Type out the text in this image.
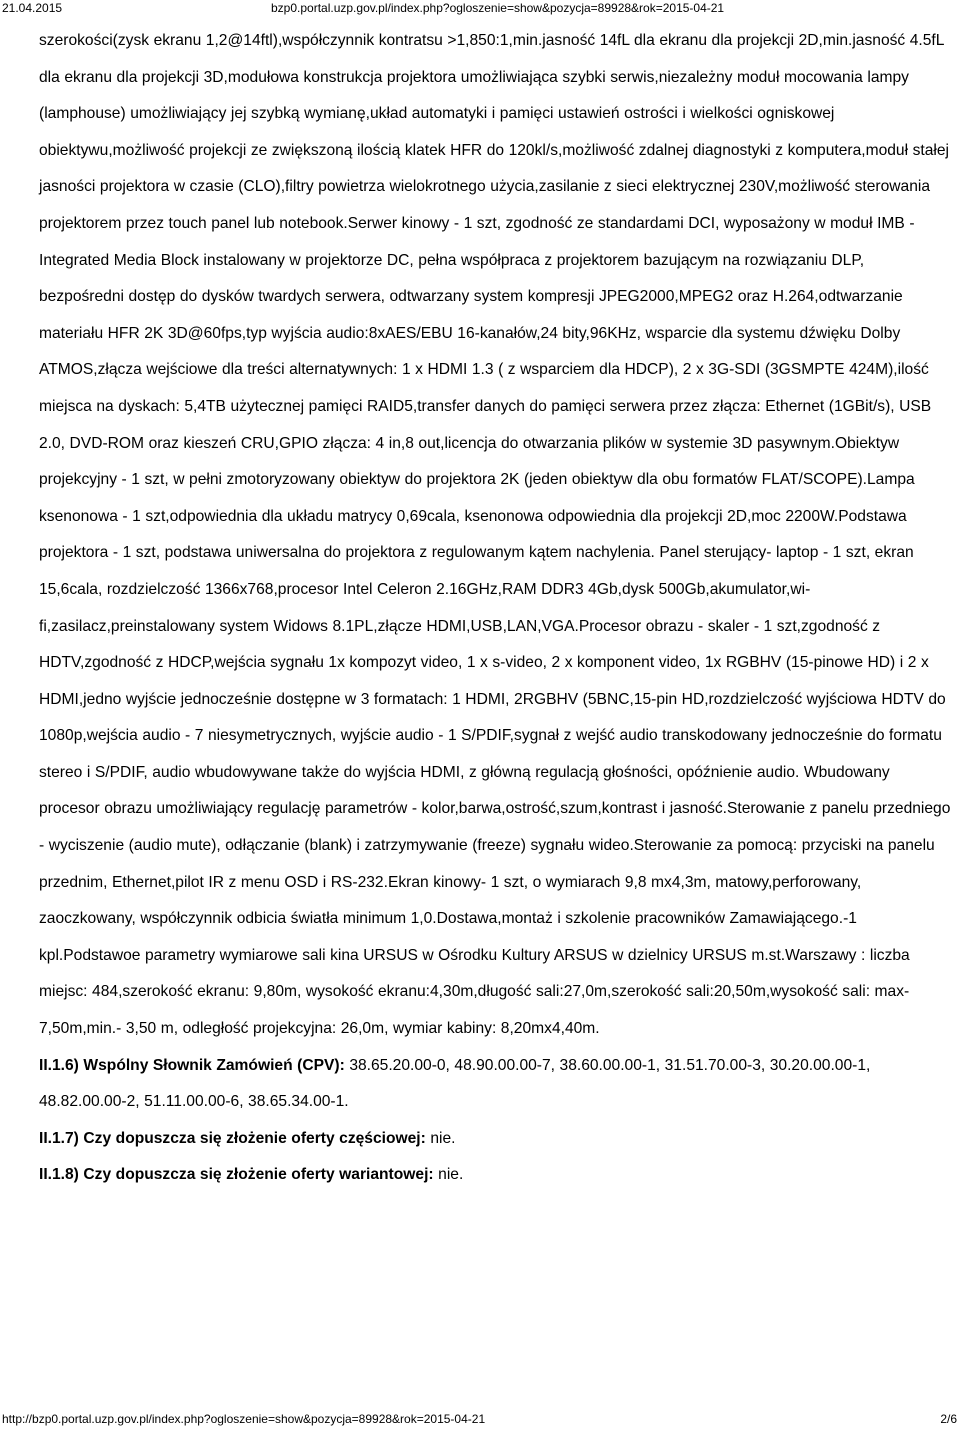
21.04.2015	bzp0.portal.uzp.gov.pl/index.php?ogloszenie=show&pozycja=89928&rok=2015-04-21

szerokości(zysk ekranu 1,2@14ftl),współczynnik kontratsu >1,850:1,min.jasność 14fL dla ekranu dla projekcji 2D,min.jasność 4.5fL dla ekranu dla projekcji 3D,modułowa konstrukcja projektora umożliwiająca szybki serwis,niezależny moduł mocowania lampy (lamphouse) umożliwiający jej szybką wymianę,układ automatyki i pamięci ustawień ostrości i wielkości ogniskowej obiektywu,możliwość projekcji ze zwiększoną ilością klatek HFR do 120kl/s,możliwość zdalnej diagnostyki z komputera,moduł stałej jasności projektora w czasie (CLO),filtry powietrza wielokrotnego użycia,zasilanie z sieci elektrycznej 230V,możliwość sterowania projektorem przez touch panel lub notebook.Serwer kinowy - 1 szt, zgodność ze standardami DCI, wyposażony w moduł IMB - Integrated Media Block instalowany w projektorze DC, pełna współpraca z projektorem bazującym na rozwiązaniu DLP, bezpośredni dostęp do dysków twardych serwera, odtwarzany system kompresji JPEG2000,MPEG2 oraz H.264,odtwarzanie materiału HFR 2K 3D@60fps,typ wyjścia audio:8xAES/EBU 16-kanałów,24 bity,96KHz, wsparcie dla systemu dźwięku Dolby ATMOS,złącza wejściowe dla treści alternatywnych: 1 x HDMI 1.3 ( z wsparciem dla HDCP), 2 x 3G-SDI (3GSMPTE 424M),ilość miejsca na dyskach: 5,4TB użytecznej pamięci RAID5,transfer danych do pamięci serwera przez złącza: Ethernet (1GBit/s), USB 2.0, DVD-ROM oraz kieszeń CRU,GPIO złącza: 4 in,8 out,licencja do otwarzania plików w systemie 3D pasywnym.Obiektyw projekcyjny - 1 szt, w pełni zmotoryzowany obiektyw do projektora 2K (jeden obiektyw dla obu formatów FLAT/SCOPE).Lampa ksenonowa - 1 szt,odpowiednia dla układu matrycy 0,69cala, ksenonowa odpowiednia dla projekcji 2D,moc 2200W.Podstawa projektora - 1 szt, podstawa uniwersalna do projektora z regulowanym kątem nachylenia. Panel sterujący- laptop - 1 szt, ekran 15,6cala, rozdzielczość 1366x768,procesor Intel Celeron 2.16GHz,RAM DDR3 4Gb,dysk 500Gb,akumulator,wi-fi,zasilacz,preinstalowany system Widows 8.1PL,złącze HDMI,USB,LAN,VGA.Procesor obrazu - skaler - 1 szt,zgodność z HDTV,zgodność z HDCP,wejścia sygnału 1x kompozyt video, 1 x s-video, 2 x komponent video, 1x RGBHV (15-pinowe HD) i 2 x HDMI,jedno wyjście jednocześnie dostępne w 3 formatach: 1 HDMI, 2RGBHV (5BNC,15-pin HD,rozdzielczość wyjściowa HDTV do 1080p,wejścia audio - 7 niesymetrycznych, wyjście audio - 1 S/PDIF,sygnał z wejść audio transkodowany jednocześnie do formatu stereo i S/PDIF, audio wbudowywane także do wyjścia HDMI, z główną regulacją głośności, opóźnienie audio. Wbudowany procesor obrazu umożliwiający regulację parametrów - kolor,barwa,ostrość,szum,kontrast i jasność.Sterowanie z panelu przedniego - wyciszenie (audio mute), odłączanie (blank) i zatrzymywanie (freeze) sygnału wideo.Sterowanie za pomocą: przyciski na panelu przednim, Ethernet,pilot IR z menu OSD i RS-232.Ekran kinowy- 1 szt, o wymiarach 9,8 mx4,3m, matowy,perforowany, zaoczkowany, współczynnik odbicia światła minimum 1,0.Dostawa,montaż i szkolenie pracowników Zamawiającego.-1 kpl.Podstawoe parametry wymiarowe sali kina URSUS w Ośrodku Kultury ARSUS w dzielnicy URSUS m.st.Warszawy : liczba miejsc: 484,szerokość ekranu: 9,80m, wysokość ekranu:4,30m,długość sali:27,0m,szerokość sali:20,50m,wysokość sali: max-7,50m,min.- 3,50 m, odległość projekcyjna: 26,0m, wymiar kabiny: 8,20mx4,40m.

II.1.6) Wspólny Słownik Zamówień (CPV): 38.65.20.00-0, 48.90.00.00-7, 38.60.00.00-1, 31.51.70.00-3, 30.20.00.00-1, 48.82.00.00-2, 51.11.00.00-6, 38.65.34.00-1.

II.1.7) Czy dopuszcza się złożenie oferty częściowej: nie.

II.1.8) Czy dopuszcza się złożenie oferty wariantowej: nie.

http://bzp0.portal.uzp.gov.pl/index.php?ogloszenie=show&pozycja=89928&rok=2015-04-21	2/6
